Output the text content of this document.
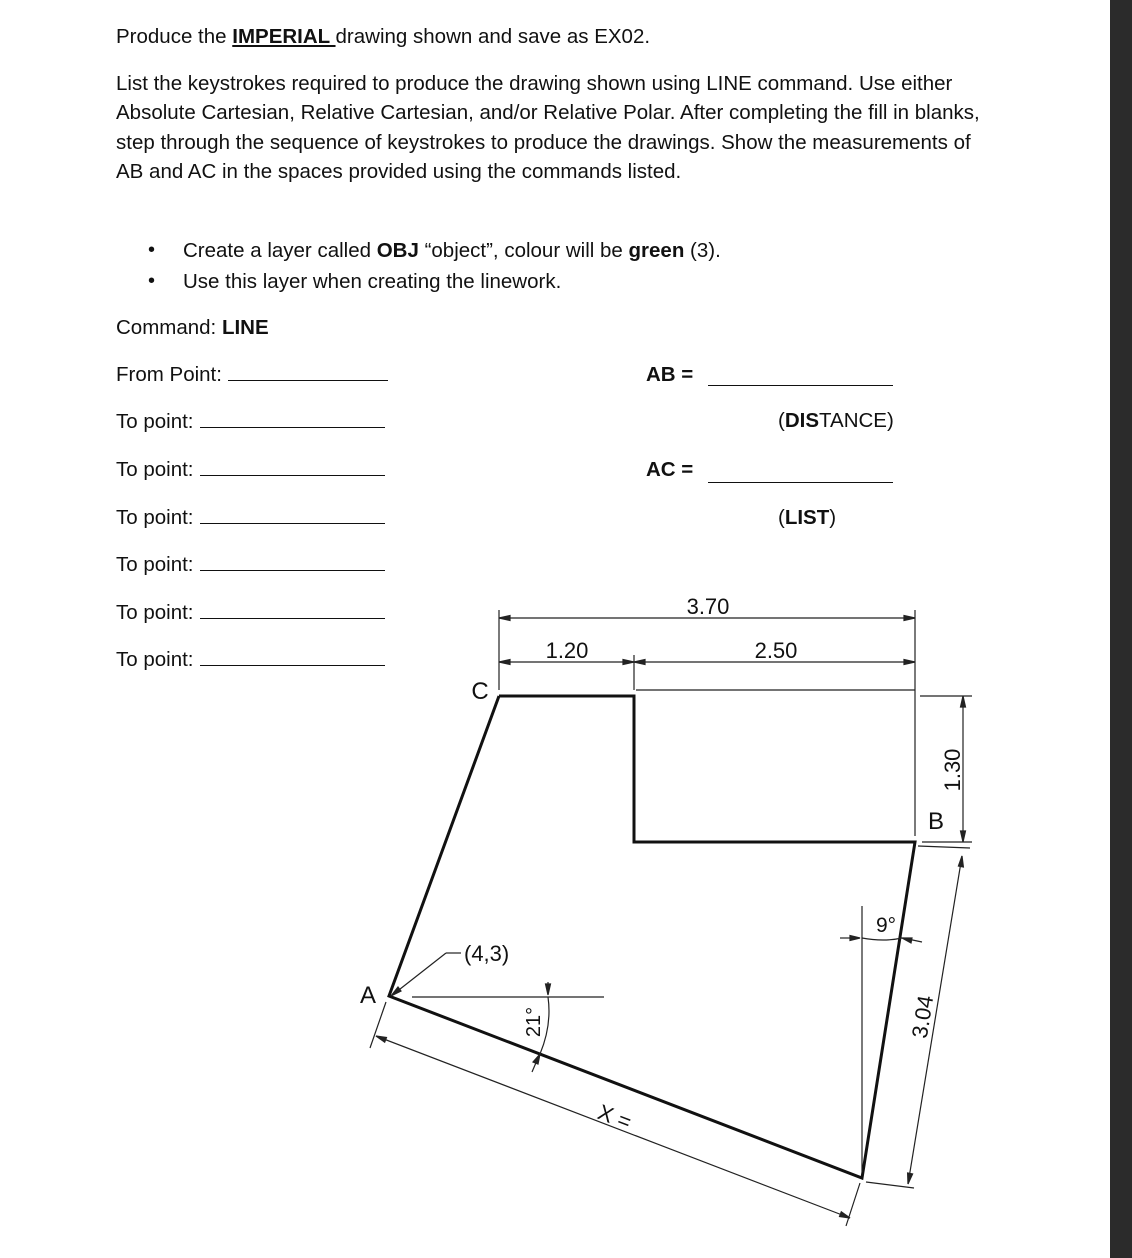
Produce the IMPERIAL drawing shown and save as EX02.

List the keystrokes required to produce the drawing shown using LINE command. Use either Absolute Cartesian, Relative Cartesian, and/or Relative Polar. After completing the fill in blanks, step through the sequence of keystrokes to produce the drawings. Show the measurements of AB and AC in the spaces provided using the commands listed.

• Create a layer called OBJ “object”, colour will be green (3).
• Use this layer when creating the linework.

Command: LINE

From Point:
To point:
To point:
To point:
To point:
To point:
To point:
AB =
(DISTANCE)
AC =
(LIST)
3.70
1.20	2.50
1.30
3.04
9°
21°
X =
(4,3)
A
C
B
